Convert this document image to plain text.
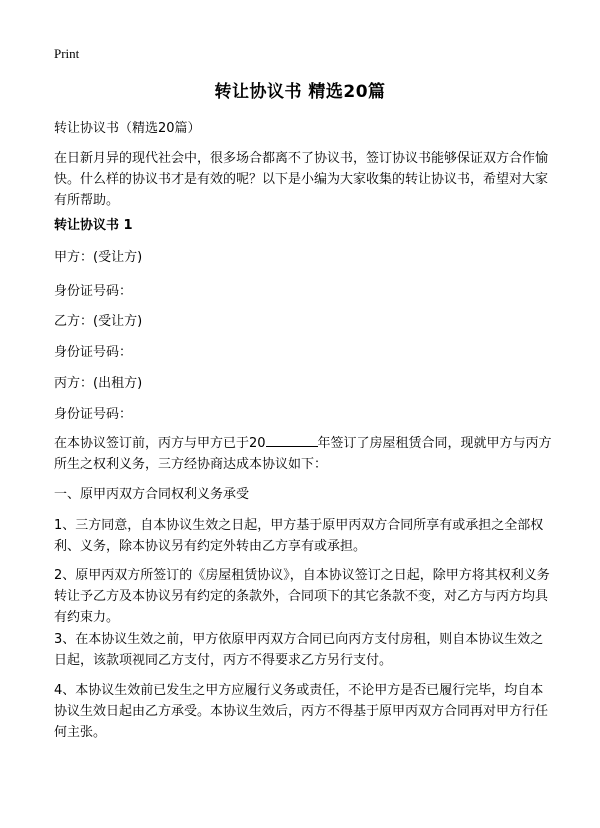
Print
转让协议书 精选20篇
转让协议书（精选20篇）
在日新月异的现代社会中，很多场合都离不了协议书，签订协议书能够保证双方合作愉快。什么样的协议书才是有效的呢？以下是小编为大家收集的转让协议书，希望对大家有所帮助。
转让协议书 1
甲方：(受让方)
身份证号码：
乙方：(受让方)
身份证号码：
丙方：(出租方)
身份证号码：
在本协议签订前，丙方与甲方已于20	年签订了房屋租赁合同，现就甲方与丙方所生之权利义务，三方经协商达成本协议如下：
一、原甲丙双方合同权利义务承受
1、三方同意，自本协议生效之日起，甲方基于原甲丙双方合同所享有或承担之全部权利、义务，除本协议另有约定外转由乙方享有或承担。
2、原甲丙双方所签订的《房屋租赁协议》，自本协议签订之日起，除甲方将其权利义务转让予乙方及本协议另有约定的条款外，合同项下的其它条款不变，对乙方与丙方均具有约束力。
3、在本协议生效之前，甲方依原甲丙双方合同已向丙方支付房租，则自本协议生效之日起，该款项视同乙方支付，丙方不得要求乙方另行支付。
4、本协议生效前已发生之甲方应履行义务或责任，不论甲方是否已履行完毕，均自本协议生效日起由乙方承受。本协议生效后，丙方不得基于原甲丙双方合同再对甲方行任何主张。
